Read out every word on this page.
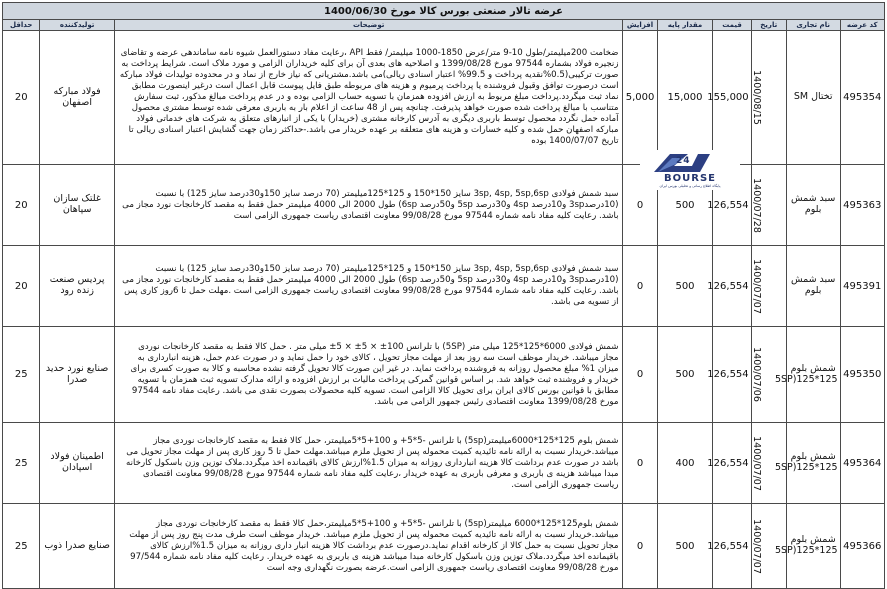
عرضه تالار صنعتی بورس کالا مورخ 1400/06/30								
کد عرضه	نام تجاری	تاریخ	قیمت	مقدار پایه	افزایش	توضیحات	تولیدکننده	حداقل
495354	تختال SM	1400/08/15	155,000	15,000	5,000	ضخامت 200میلیمتر/طول 10-9 متر/عرض 1850-1000 میلیمتر/ فقط API ،رعایت مفاد دستورالعمل شیوه نامه ساماندهی عرضه و تقاضای زنجیره فولاد بشماره 97544 مورخ 1399/08/28 و اصلاحیه های بعدی آن برای کلیه خریداران الزامی و مورد ملاک است. شرایط پرداخت به صورت ترکیبی(0.5%نقدیه پرداخت و 99.5% اعتبار اسنادی ریالی)می باشد.مشتریانی که نیاز خارج از نماد و در محدوده تولیدات فولاد مبارکه است درصورت توافق وقبول فروشنده یا پرداخت پرمیوم و هزینه های مربوطه طبق فایل پیوست قابل اعمال است درغیر اینصورت مطابق نماد ثبت میگردد.پرداخت مبلغ مربوط به ارزش افزوده همزمان با تسویه حساب الزامی بوده و در عدم پرداخت مبالغ مذکور، ثبت سفارش متناسب با مبالغ پرداخت شده صورت خواهد پذیرفت. چنانچه پس از 48 ساعت از اعلام بار به باربری معرفی شده توسط مشتری محصول آماده حمل نگردد محصول توسط باربری دیگری به آدرس کارخانه مشتری (خریدار) با یکی از انبارهای متعلق به شرکت های خدماتی فولاد مبارکه اصفهان حمل شده و کلیه خسارات و هزینه های متعلقه بر عهده خریدار می باشد.-حداکثر زمان جهت گشایش اعتبار اسنادی ریالی تا تاریخ 1400/07/07 بوده	فولاد مبارکه اصفهان	20
495363	سبد شمش بلوم	1400/07/28	126,554	500	0	سبد شمش فولادی 3sp, 4sp, 5sp,6sp سایز 150*150 و 125*125میلیمتر (70 درصد سایز 150و30درصد سایز 125) با نسبت (10درصد3sp و10درصد 4sp و30درصد 5sp و50درصد 6sp) طول 2000 الی 4000 میلیمتر حمل فقط به مقصد کارخانجات نورد مجاز می باشد. رعایت کلیه مفاد نامه شماره 97544 مورخ 99/08/28 معاونت اقتصادی ریاست جمهوری الزامی است	غلتک سازان سپاهان	20
495391	سبد شمش بلوم	1400/07/07	126,554	500	0	سبد شمش فولادی 3sp, 4sp, 5sp,6sp سایز 150*150 و 125*125میلیمتر (70 درصد سایز 150و30درصد سایز 125) با نسبت (10درصد3sp و10درصد 4sp و30درصد 5sp و50درصد 6sp) طول 2000 الی 4000 میلیمتر حمل فقط به مقصد کارخانجات نورد مجاز می باشد. رعایت کلیه مفاد نامه شماره 97544 مورخ 99/08/28 معاونت اقتصادی ریاست جمهوری الزامی است .مهلت حمل تا 6روز کاری پس از تسویه می باشد.	پردیس صنعت زنده رود	20
495350	شمش بلوم 125*125(5SP	1400/07/06	126,554	500	0	شمش فولادی 6000*125*125 میلی متر (5SP) با تلرانس 100± × 5± × 5± میلی متر . حمل کالا فقط به مقصد کارخانجات نوردی مجاز میباشد. خریدار موظف است سه روز بعد از مهلت مجاز تحویل ، کالای خود را حمل نماید و در صورت عدم حمل، هزینه انبارداری به میزان 1% مبلغ محصول روزانه به فروشنده پرداخت نماید. در غیر این صورت کالا تحویل گرفته نشده محاسبه و کالا به صورت کسری برای خریدار و فروشنده ثبت خواهد شد. بر اساس قوانین گمرکی پرداخت مالیات بر ارزش افزوده و ارائه مدارک تسویه ثبت همزمان با تسویه مطابق با قوانین بورس کالای ایران برای تحویل کالا الزامی است. تسویه کلیه محصولات بصورت نقدی می باشد. رعایت مفاد نامه 97544 مورخ 1399/08/28 معاونت اقتصادی رئیس جمهور الزامی می باشد.	صنایع نورد حدید صدرا	25
495364	شمش بلوم 125*125(5SP	1400/07/07	126,554	400	0	شمش بلوم 125*125*6000میلیمتر(5sp) با تلرانس -5*5+ و 100+5*5میلیمتر، حمل کالا فقط به مقصد کارخانجات نوردی مجاز میباشد.خریدار نسبت به ارائه نامه تائیدیه کمیت محموله پس از تحویل ملزم میباشد.مهلت حمل تا 5 روز کاری پس از مهلت مجاز تحویل می باشد در صورت عدم برداشت کالا هزینه انبارداری روزانه به میزان 1.5%ارزش کالای باقیمانده اخذ میگردد.ملاک توزین وزن باسکول کارخانه مبدا میباشد هزینه ی باربری و معرفی باربری به عهده خریدار ،رعایت کلیه مفاد نامه شماره 97544 مورخ 99/08/28 معاونت اقتصادی ریاست جمهوری الزامی است.	اطمینان فولاد اسپادان	25
495366	شمش بلوم 125*125(5SP	1400/07/07	126,554	500	0	شمش بلوم125*125*6000 میلیمتر(5sp) با تلرانس -5*5+ و 100+5*5میلیمتر،حمل کالا فقط به مقصد کارخانجات نوردی مجاز میباشد.خریدار نسبت به ارائه نامه تائیدیه کمیت محموله پس از تحویل ملزم میباشد. خریدار موظف است طرف مدت پنج روز پس از مهلت مجاز تحویل نسبت به حمل کالا از کارخانه اقدام نماید.درصورت عدم برداشت کالا هزینه انبار داری روزانه به میزان 1.5%ارزش کالای باقیمانده اخذ میگردد.ملاک توزین وزن باسکول کارخانه مبدا میباشد هزینه ی باربری به عهده خریدار. رعایت کلیه مفاد نامه شماره 97/544 مورخ 99/08/28 معاونت اقتصادی ریاست جمهوری الزامی است.عرضه بصورت نگهداری وجه است	صنایع صدرا ذوب	25
24
BOURSE
پایگاه اطلاع رسانی و تحلیلی بورس ایران
